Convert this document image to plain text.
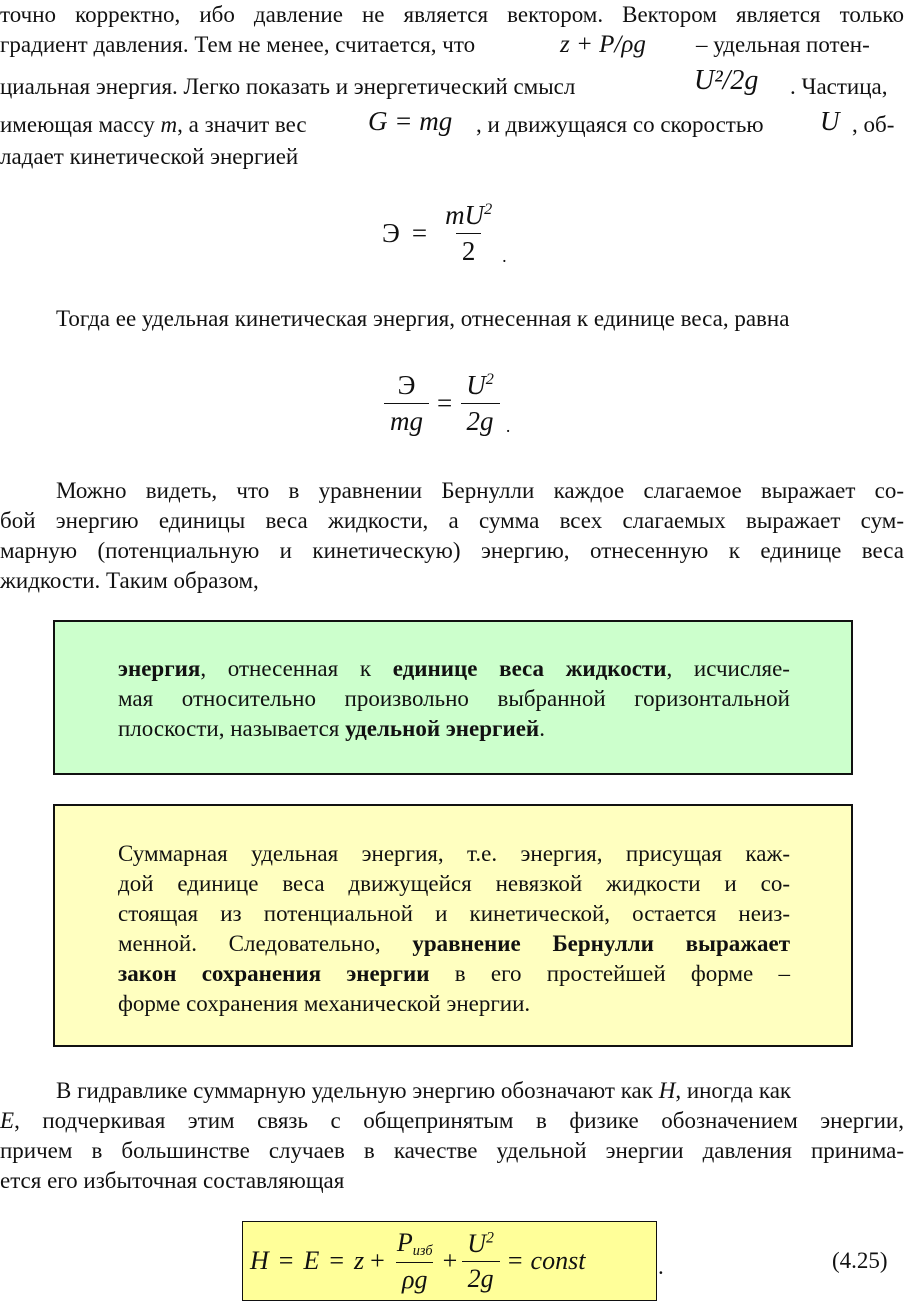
точно корректно, ибо давление не является вектором. Вектором является только
градиент давления. Тем не менее, считается, что	z + P/ρg – удельная потен-
циальная энергия. Легко показать и энергетический смысл	U²/2g . Частица,
имеющая массу m, а значит вес G = mg , и движущаяся со скоростью U , об-
ладает кинетической энергией
$Э = \frac{mU^2}{2}$ .
Тогда ее удельная кинетическая энергия, отнесенная к единице веса, равна
$\frac{Э}{mg} = \frac{U^2}{2g}$ .
Можно видеть, что в уравнении Бернулли каждое слагаемое выражает со-
бой энергию единицы веса жидкости, а сумма всех слагаемых выражает сум-
марную (потенциальную и кинетическую) энергию, отнесенную к единице веса
жидкости. Таким образом,
энергия, отнесенная к единице веса жидкости, исчисляе-
мая относительно произвольно выбранной горизонтальной
плоскости, называется удельной энергией.
Суммарная удельная энергия, т.е. энергия, присущая каж-
дой единице веса движущейся невязкой жидкости и со-
стоящая из потенциальной и кинетической, остается неиз-
менной. Следовательно, уравнение Бернулли выражает
закон сохранения энергии в его простейшей форме –
форме сохранения механической энергии.
В гидравлике суммарную удельную энергию обозначают как H, иногда как
E, подчеркивая этим связь с общепринятым в физике обозначением энергии,
причем в большинстве случаев в качестве удельной энергии давления принима-
ется его избыточная составляющая
$H = E = z + \frac{P_{изб}}{\rho g} + \frac{U^2}{2g}$ = const	.	(4.25)
